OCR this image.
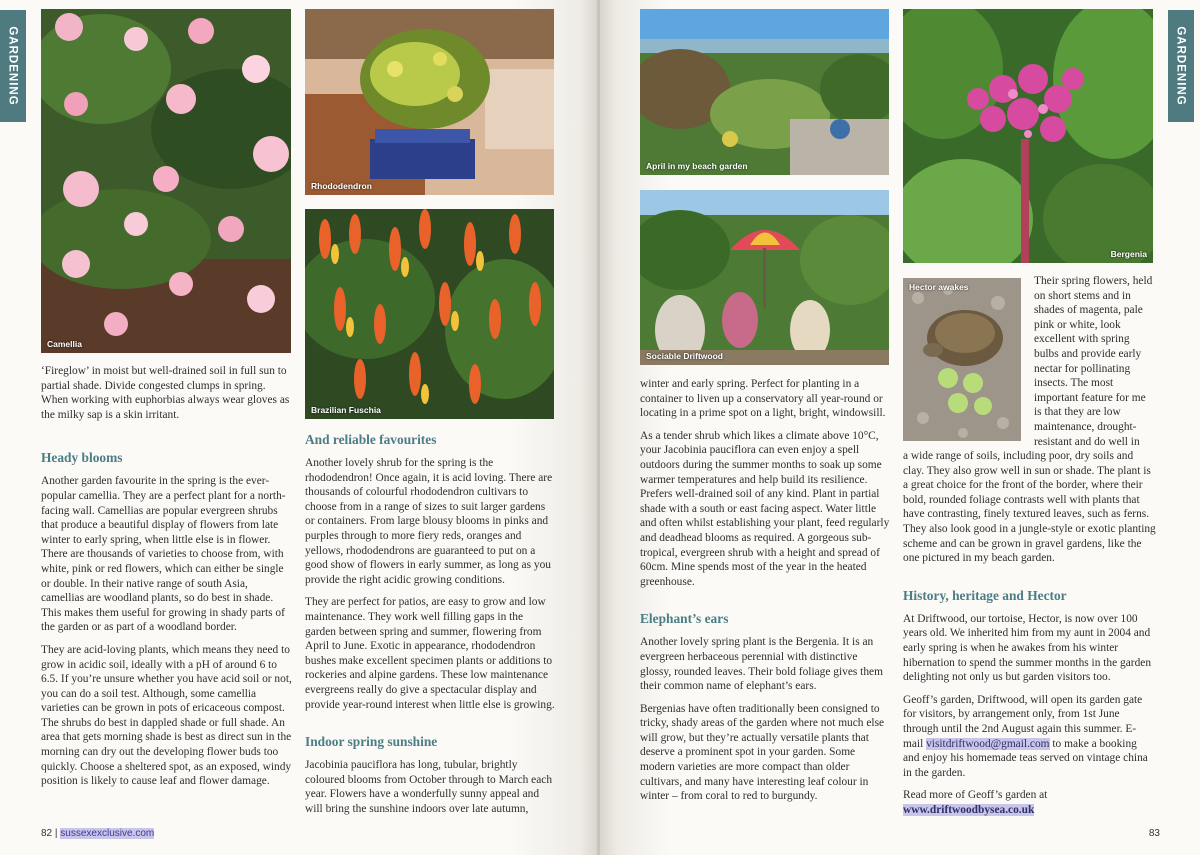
GARDENING
Camellia
Rhododendron
Brazilian Fuschia

‘Fireglow’ in moist but well-drained soil in full sun to partial shade. Divide congested clumps in spring. When working with euphorbias always wear gloves as the milky sap is a skin irritant.

Heady blooms

Another garden favourite in the spring is the ever-popular camellia. They are a perfect plant for a north-facing wall. Camellias are popular evergreen shrubs that produce a beautiful display of flowers from late winter to early spring, when little else is in flower. There are thousands of varieties to choose from, with white, pink or red flowers, which can either be single or double. In their native range of south Asia, camellias are woodland plants, so do best in shade. This makes them useful for growing in shady parts of the garden or as part of a woodland border.

They are acid-loving plants, which means they need to grow in acidic soil, ideally with a pH of around 6 to 6.5. If you’re unsure whether you have acid soil or not, you can do a soil test. Although, some camellia varieties can be grown in pots of ericaceous compost. The shrubs do best in dappled shade or full shade. An area that gets morning shade is best as direct sun in the morning can dry out the developing flower buds too quickly. Choose a sheltered spot, as an exposed, windy position is likely to cause leaf and flower damage.

And reliable favourites

Another lovely shrub for the spring is the rhododendron! Once again, it is acid loving. There are thousands of colourful rhododendron cultivars to choose from in a range of sizes to suit larger gardens or containers. From large blousy blooms in pinks and purples through to more fiery reds, oranges and yellows, rhododendrons are guaranteed to put on a good show of flowers in early summer, as long as you provide the right acidic growing conditions.

They are perfect for patios, are easy to grow and low maintenance. They work well filling gaps in the garden between spring and summer, flowering from April to June. Exotic in appearance, rhododendron bushes make excellent specimen plants or additions to rockeries and alpine gardens. These low maintenance evergreens really do give a spectacular display and provide year-round interest when little else is growing.

Indoor spring sunshine

Jacobinia pauciflora has long, tubular, brightly coloured blooms from October through to March each year. Flowers have a wonderfully sunny appeal and will bring the sunshine indoors over late autumn,

82 | sussexexclusive.com
GARDENING
April in my beach garden
Sociable Driftwood
Bergenia
Hector awakes

winter and early spring. Perfect for planting in a container to liven up a conservatory all year-round or locating in a prime spot on a light, bright, windowsill.

As a tender shrub which likes a climate above 10°C, your Jacobinia pauciflora can even enjoy a spell outdoors during the summer months to soak up some warmer temperatures and help build its resilience. Prefers well-drained soil of any kind. Plant in partial shade with a south or east facing aspect. Water little and often whilst establishing your plant, feed regularly and deadhead blooms as required. A gorgeous sub-tropical, evergreen shrub with a height and spread of 60cm. Mine spends most of the year in the heated greenhouse.

Elephant’s ears

Another lovely spring plant is the Bergenia. It is an evergreen herbaceous perennial with distinctive glossy, rounded leaves. Their bold foliage gives them their common name of elephant’s ears.

Bergenias have often traditionally been consigned to tricky, shady areas of the garden where not much else will grow, but they’re actually versatile plants that deserve a prominent spot in your garden. Some modern varieties are more compact than older cultivars, and many have interesting leaf colour in winter – from coral to red to burgundy.

Their spring flowers, held on short stems and in shades of magenta, pale pink or white, look excellent with spring bulbs and provide early nectar for pollinating insects. The most important feature for me is that they are low maintenance, drought-resistant and do well in

a wide range of soils, including poor, dry soils and clay. They also grow well in sun or shade. The plant is a great choice for the front of the border, where their bold, rounded foliage contrasts well with plants that have contrasting, finely textured leaves, such as ferns. They also look good in a jungle-style or exotic planting scheme and can be grown in gravel gardens, like the one pictured in my beach garden.

History, heritage and Hector

At Driftwood, our tortoise, Hector, is now over 100 years old. We inherited him from my aunt in 2004 and early spring is when he awakes from his winter hibernation to spend the summer months in the garden delighting not only us but garden visitors too.

Geoff’s garden, Driftwood, will open its garden gate for visitors, by arrangement only, from 1st June through until the 2nd August again this summer. E-mail visitdriftwood@gmail.com to make a booking and enjoy his homemade teas served on vintage china in the garden.

Read more of Geoff’s garden at
www.driftwoodbysea.co.uk

83
